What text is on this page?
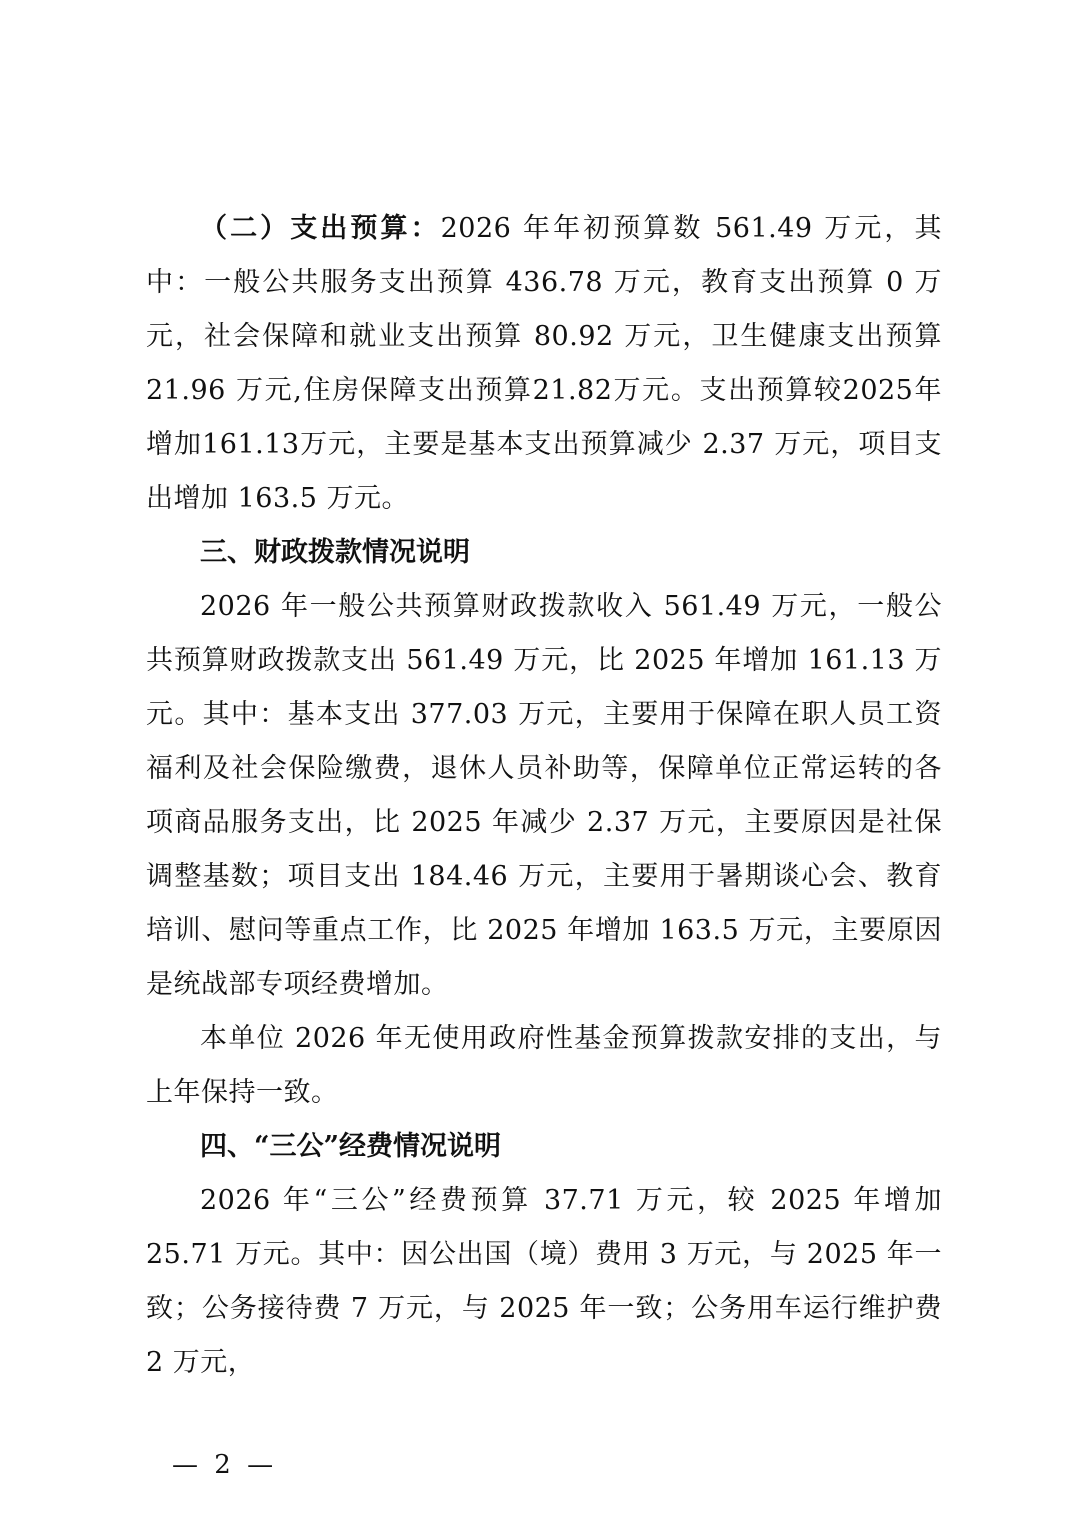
（二）支出预算：2026 年年初预算数 561.49 万元，其中：一般公共服务支出预算 436.78 万元，教育支出预算 0 万元，社会保障和就业支出预算 80.92 万元，卫生健康支出预算 21.96 万元,住房保障支出预算21.82万元。支出预算较2025年增加161.13万元，主要是基本支出预算减少 2.37 万元，项目支出增加 163.5 万元。

三、财政拨款情况说明

2026 年一般公共预算财政拨款收入 561.49 万元，一般公共预算财政拨款支出 561.49 万元，比 2025 年增加 161.13 万元。其中：基本支出 377.03 万元，主要用于保障在职人员工资福利及社会保险缴费，退休人员补助等，保障单位正常运转的各项商品服务支出，比 2025 年减少 2.37 万元，主要原因是社保调整基数；项目支出 184.46 万元，主要用于暑期谈心会、教育培训、慰问等重点工作，比 2025 年增加 163.5 万元，主要原因是统战部专项经费增加。

本单位 2026 年无使用政府性基金预算拨款安排的支出，与上年保持一致。

四、“三公”经费情况说明

2026 年“三公”经费预算 37.71 万元，较 2025 年增加 25.71 万元。其中：因公出国（境）费用 3 万元，与 2025 年一致；公务接待费 7 万元，与 2025 年一致；公务用车运行维护费 2 万元，

— 2 —
